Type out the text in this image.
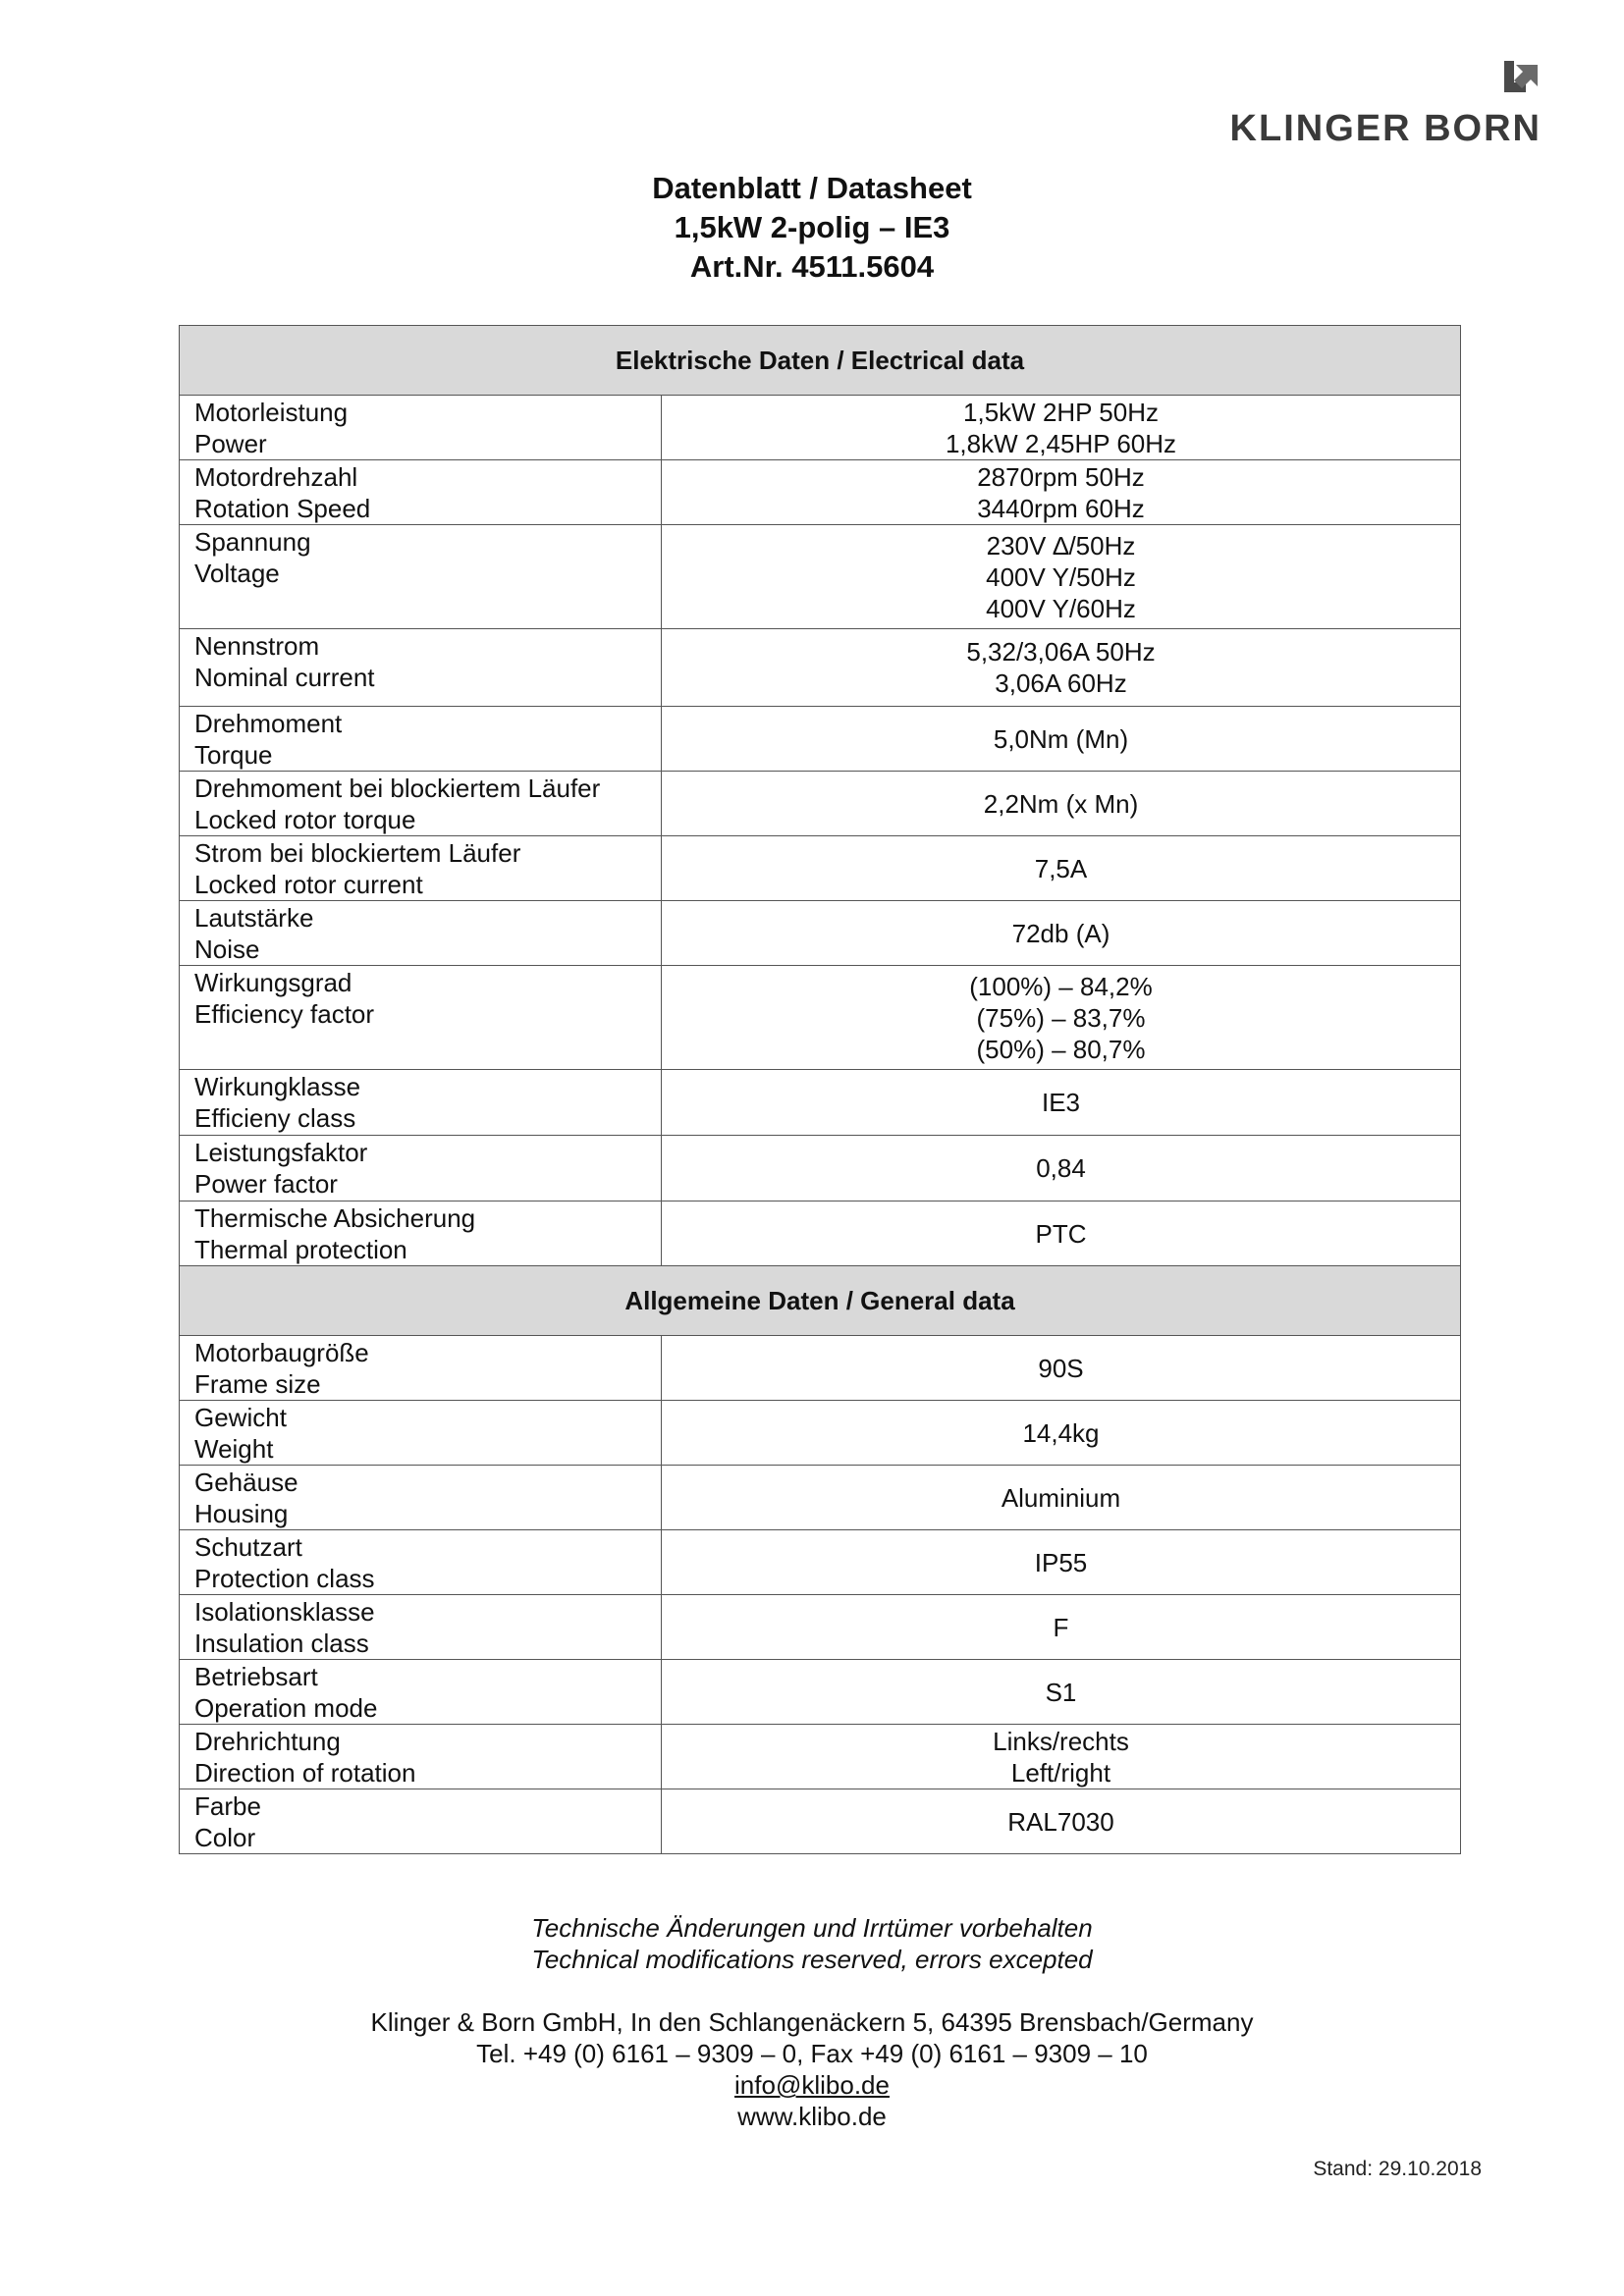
KLINGER BORN

Datenblatt / Datasheet

1,5kW 2-polig – IE3

Art.Nr. 4511.5604

Elektrische Daten / Electrical data	

Motorleistung
Power	1,5kW 2HP 50Hz
1,8kW 2,45HP 60Hz

Motordrehzahl
Rotation Speed	2870rpm 50Hz
3440rpm 60Hz

Spannung
Voltage	230V ∆/50Hz
400V Y/50Hz
400V Y/60Hz

Nennstrom
Nominal current	5,32/3,06A 50Hz
3,06A 60Hz

Drehmoment
Torque	5,0Nm (Mn)

Drehmoment bei blockiertem Läufer
Locked rotor torque	2,2Nm (x Mn)

Strom bei blockiertem Läufer
Locked rotor current	7,5A

Lautstärke
Noise	72db (A)

Wirkungsgrad
Efficiency factor	(100%) – 84,2%
(75%) – 83,7%
(50%) – 80,7%

Wirkungklasse
Efficieny class	IE3

Leistungsfaktor
Power factor	0,84

Thermische Absicherung
Thermal protection	PTC

Allgemeine Daten / General data	

Motorbaugröße
Frame size	90S

Gewicht
Weight	14,4kg

Gehäuse
Housing	Aluminium

Schutzart
Protection class	IP55

Isolationsklasse
Insulation class	F

Betriebsart
Operation mode	S1

Drehrichtung
Direction of rotation	Links/rechts
Left/right

Farbe
Color	RAL7030
Technische Änderungen und Irrtümer vorbehalten
Technical modifications reserved, errors excepted
Klinger & Born GmbH, In den Schlangenäckern 5, 64395 Brensbach/Germany
Tel. +49 (0) 6161 – 9309 – 0, Fax +49 (0) 6161 – 9309 – 10
info@klibo.de
www.klibo.de
Stand: 29.10.2018
